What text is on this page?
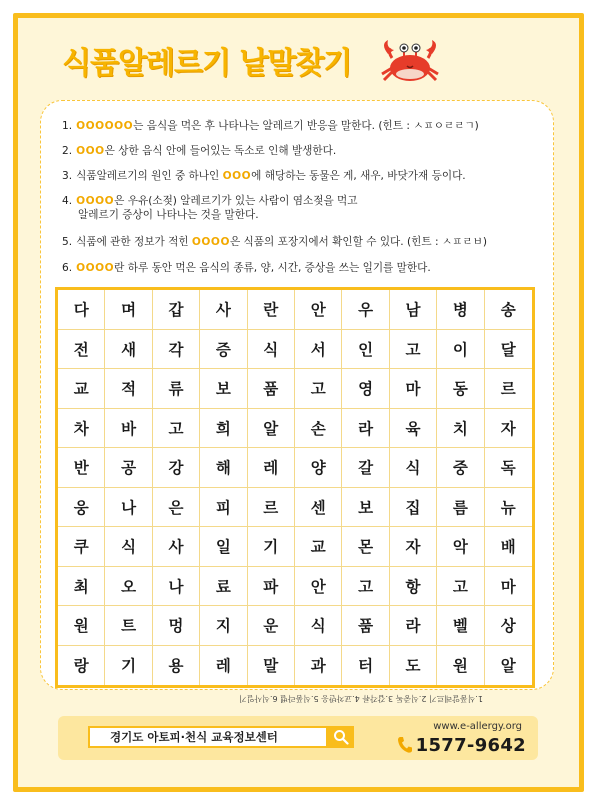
식품알레르기 낱말찾기
1. OOOOOO는 음식을 먹은 후 나타나는 알레르기 반응을 말한다. (힌트 : ㅅㅍㅇㄹㄹㄱ)
2. OOO은 상한 음식 안에 들어있는 독소로 인해 발생한다.
3. 식품알레르기의 원인 중 하나인 OOO에 해당하는 동물은 게, 새우, 바닷가재 등이다.
4. OOOO은 우유(소젖) 알레르기가 있는 사람이 염소젖을 먹고
알레르기 증상이 나타나는 것을 말한다.
5. 식품에 관한 정보가 적힌 OOOO은 식품의 포장지에서 확인할 수 있다. (힌트 : ㅅㅍㄹㅂ)
6. OOOO란 하루 동안 먹은 음식의 종류, 양, 시간, 증상을 쓰는 일기를 말한다.
다	며	갑	사	란	안	우	남	병	송
전	새	각	증	식	서	인	고	이	달
교	적	류	보	품	고	영	마	동	르
차	바	고	희	알	손	라	육	치	자
반	공	강	해	레	양	갈	식	중	독
웅	나	은	피	르	센	보	집	름	뉴
쿠	식	사	일	기	교	몬	자	악	배
최	오	나	료	파	안	고	항	고	마
원	트	멍	지	운	식	품	라	벨	상
랑	기	용	레	말	과	터	도	원	알
1.식품알레르기 2.식중독 3.갑각류 4.교차반응 5.식품라벨 6.식사일기
경기도 아토피·천식 교육정보센터
www.e-allergy.org
1577-9642
